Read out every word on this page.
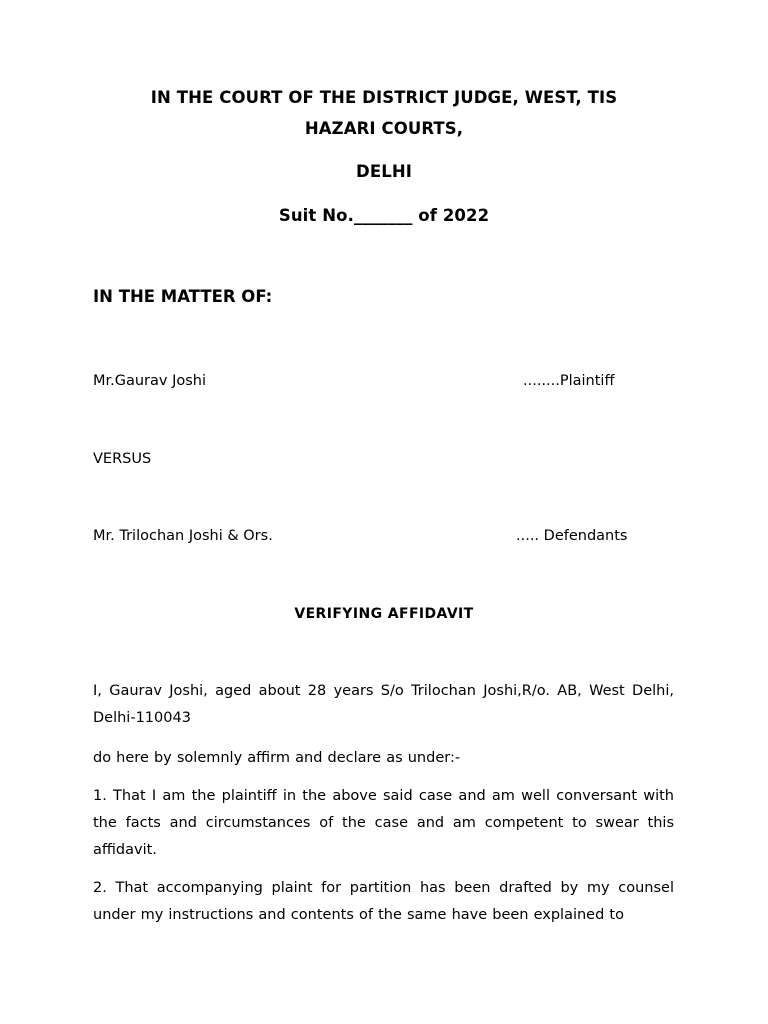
IN THE COURT OF THE DISTRICT JUDGE, WEST, TIS
HAZARI COURTS,
DELHI
Suit No._______ of 2022
IN THE MATTER OF:
Mr.Gaurav Joshi	........Plaintiff
VERSUS
Mr. Trilochan Joshi & Ors.	..... Defendants
VERIFYING AFFIDAVIT
I, Gaurav Joshi, aged about 28 years S/o Trilochan Joshi,R/o. AB, West Delhi, Delhi-110043
do here by solemnly affirm and declare as under:-
1. That I am the plaintiff in the above said case and am well conversant with the facts and circumstances of the case and am competent to swear this affidavit.
2. That accompanying plaint for partition has been drafted by my counsel under my instructions and contents of the same have been explained to
